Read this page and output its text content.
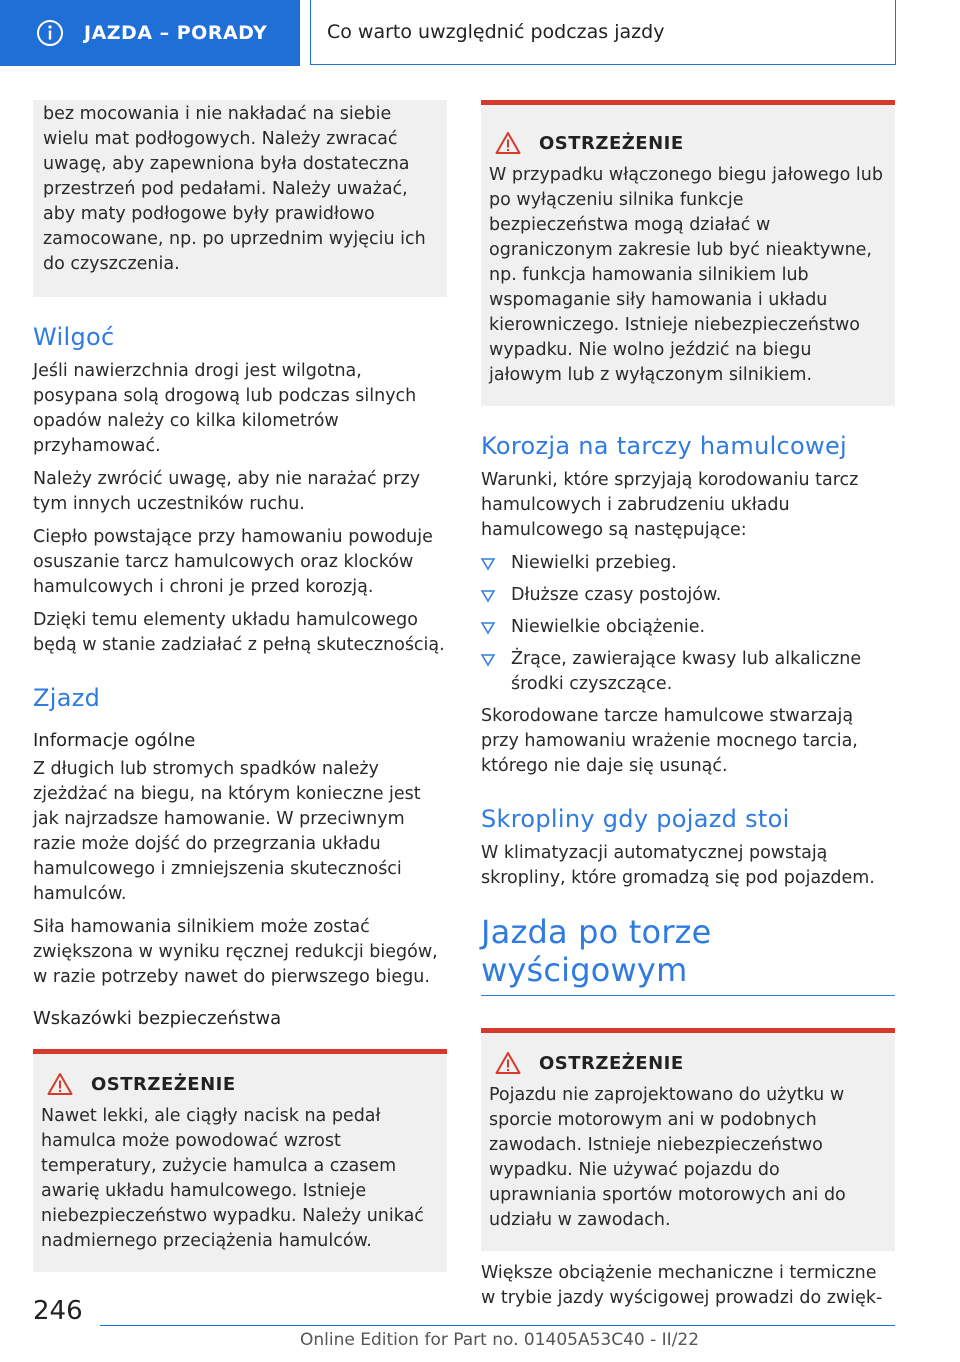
JAZDA – PORADY	Co warto uwzględnić podczas jazdy

bez mocowania i nie nakładać na siebie wielu mat podłogowych. Należy zwracać uwagę, aby zapewniona była dostateczna przestrzeń pod pedałami. Należy uważać, aby maty podłogowe były prawidłowo zamocowane, np. po uprzednim wyjęciu ich do czyszczenia.

Wilgoć

Jeśli nawierzchnia drogi jest wilgotna, posypana solą drogową lub podczas silnych opadów należy co kilka kilometrów przyhamować.

Należy zwrócić uwagę, aby nie narażać przy tym innych uczestników ruchu.

Ciepło powstające przy hamowaniu powoduje osuszanie tarcz hamulcowych oraz klocków hamulcowych i chroni je przed korozją.

Dzięki temu elementy układu hamulcowego będą w stanie zadziałać z pełną skutecznością.

Zjazd
Informacje ogólne

Z długich lub stromych spadków należy zjeżdżać na biegu, na którym konieczne jest jak najrzadsze hamowanie. W przeciwnym razie może dojść do przegrzania układu hamulcowego i zmniejszenia skuteczności hamulców.

Siła hamowania silnikiem może zostać zwiększona w wyniku ręcznej redukcji biegów, w razie potrzeby nawet do pierwszego biegu.

Wskazówki bezpieczeństwa
OSTRZEŻENIE

Nawet lekki, ale ciągły nacisk na pedał hamulca może powodować wzrost temperatury, zużycie hamulca a czasem awarię układu hamulcowego. Istnieje niebezpieczeństwo wypadku. Należy unikać nadmiernego przeciążenia hamulców.

OSTRZEŻENIE

W przypadku włączonego biegu jałowego lub po wyłączeniu silnika funkcje bezpieczeństwa mogą działać w ograniczonym zakresie lub być nieaktywne, np. funkcja hamowania silnikiem lub wspomaganie siły hamowania i układu kierowniczego. Istnieje niebezpieczeństwo wypadku. Nie wolno jeździć na biegu jałowym lub z wyłączonym silnikiem.

Korozja na tarczy hamulcowej

Warunki, które sprzyjają korodowaniu tarcz hamulcowych i zabrudzeniu układu hamulcowego są następujące:

Niewielki przebieg.
Dłuższe czasy postojów.
Niewielkie obciążenie.
Żrące, zawierające kwasy lub alkaliczne środki czyszczące.

Skorodowane tarcze hamulcowe stwarzają przy hamowaniu wrażenie mocnego tarcia, którego nie daje się usunąć.

Skropliny gdy pojazd stoi

W klimatyzacji automatycznej powstają skropliny, które gromadzą się pod pojazdem.

Jazda po torze wyścigowym
OSTRZEŻENIE

Pojazdu nie zaprojektowano do użytku w sporcie motorowym ani w podobnych zawodach. Istnieje niebezpieczeństwo wypadku. Nie używać pojazdu do uprawniania sportów motorowych ani do udziału w zawodach.

Większe obciążenie mechaniczne i termiczne w trybie jazdy wyścigowej prowadzi do zwięk-

246
Online Edition for Part no. 01405A53C40 - II/22
